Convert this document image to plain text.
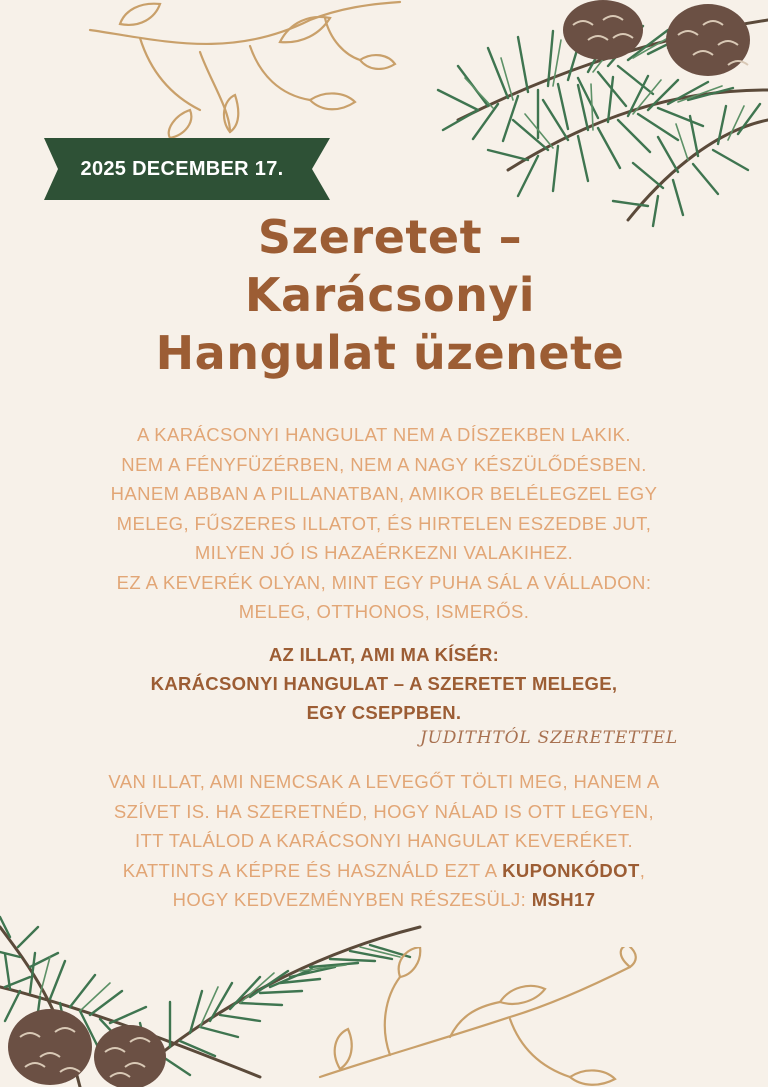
2025 DECEMBER 17.
Szeretet –
Karácsonyi
Hangulat üzenete
A KARÁCSONYI HANGULAT NEM A DÍSZEKBEN LAKIK.
NEM A FÉNYFÜZÉRBEN, NEM A NAGY KÉSZÜLŐDÉSBEN.
HANEM ABBAN A PILLANATBAN, AMIKOR BELÉLEGZEL EGY
MELEG, FŰSZERES ILLATOT, ÉS HIRTELEN ESZEDBE JUT,
MILYEN JÓ IS HAZAÉRKEZNI VALAKIHEZ.
EZ A KEVERÉK OLYAN, MINT EGY PUHA SÁL A VÁLLADON:
MELEG, OTTHONOS, ISMERŐS.
AZ ILLAT, AMI MA KÍSÉR:
KARÁCSONYI HANGULAT – A SZERETET MELEGE,
EGY CSEPPBEN.
JUDITHTÓL SZERETETTEL
VAN ILLAT, AMI NEMCSAK A LEVEGŐT TÖLTI MEG, HANEM A
SZÍVET IS. HA SZERETNÉD, HOGY NÁLAD IS OTT LEGYEN,
ITT TALÁLOD A KARÁCSONYI HANGULAT KEVERÉKET.
KATTINTS A KÉPRE ÉS HASZNÁLD EZT A KUPONKÓDOT,
HOGY KEDVEZMÉNYBEN RÉSZESÜLJ: MSH17
